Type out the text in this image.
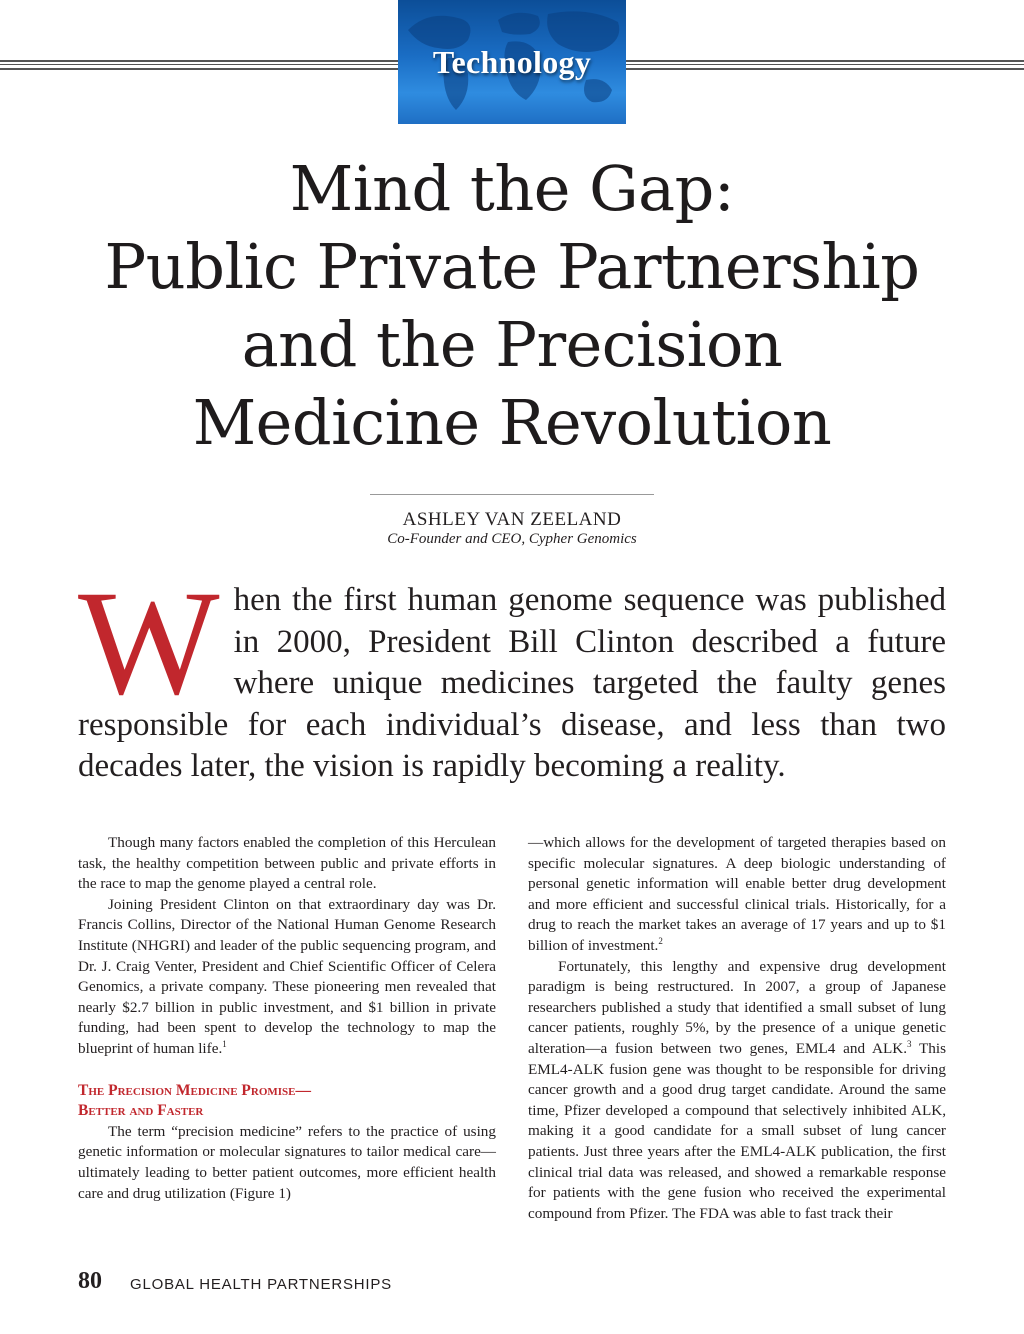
Technology
Mind the Gap:
Public Private Partnership
and the Precision
Medicine Revolution
ASHLEY VAN ZEELAND
Co-Founder and CEO, Cypher Genomics
When the first human genome sequence was published in 2000, President Bill Clinton described a future where unique medicines targeted the faulty genes responsible for each individual’s disease, and less than two decades later, the vision is rapidly becoming a reality.

Though many factors enabled the completion of this Herculean task, the healthy competition between public and private efforts in the race to map the genome played a central role.

Joining President Clinton on that extraordinary day was Dr. Francis Collins, Director of the National Human Genome Research Institute (NHGRI) and leader of the public sequencing program, and Dr. J. Craig Venter, President and Chief Scientific Officer of Celera Genomics, a private company. These pioneering men revealed that nearly $2.7 billion in public investment, and $1 billion in private funding, had been spent to develop the technology to map the blueprint of human life.$^1$

The Precision Medicine Promise—
Better and Faster

The term “precision medicine” refers to the practice of using genetic information or molecular signatures to tailor medical care—ultimately leading to better patient outcomes, more efficient health care and drug utilization (Figure 1)

—which allows for the development of targeted therapies based on specific molecular signatures. A deep biologic understanding of personal genetic information will enable better drug development and more efficient and successful clinical trials. Historically, for a drug to reach the market takes an average of 17 years and up to $1 billion of investment.$^2$

Fortunately, this lengthy and expensive drug development paradigm is being restructured. In 2007, a group of Japanese researchers published a study that identified a small subset of lung cancer patients, roughly 5%, by the presence of a unique genetic alteration—a fusion between two genes, EML4 and ALK.$^3$ This EML4-ALK fusion gene was thought to be responsible for driving cancer growth and a good drug target candidate. Around the same time, Pfizer developed a compound that selectively inhibited ALK, making it a good candidate for a small subset of lung cancer patients. Just three years after the EML4-ALK publication, the first clinical trial data was released, and showed a remarkable response for patients with the gene fusion who received the experimental compound from Pfizer. The FDA was able to fast track their

80 GLOBAL HEALTH PARTNERSHIPS
